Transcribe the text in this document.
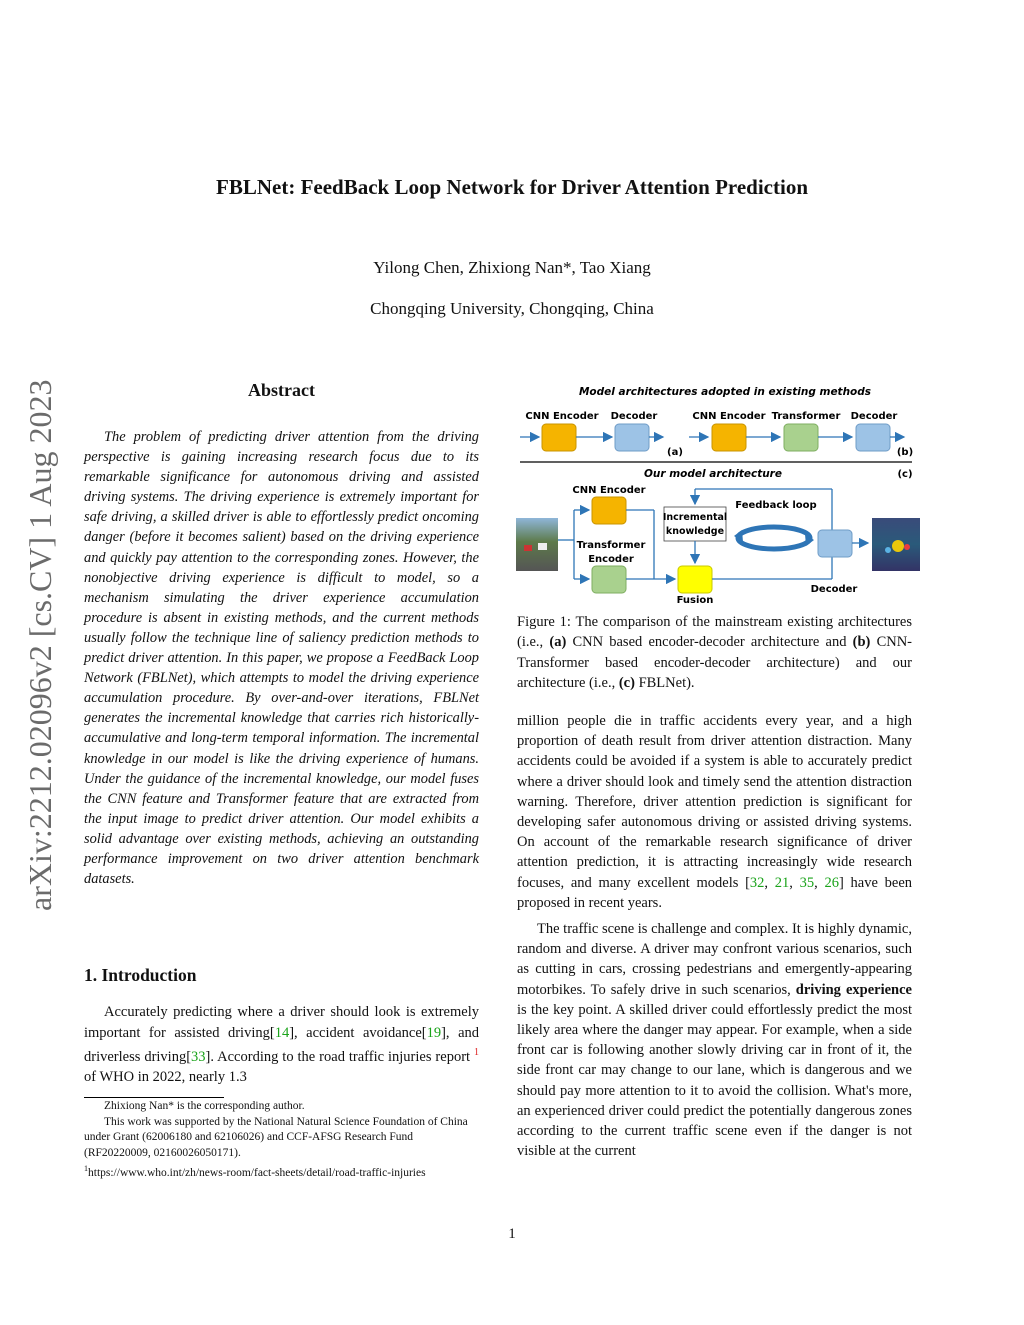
arXiv:2212.02096v2 [cs.CV] 1 Aug 2023
FBLNet: FeedBack Loop Network for Driver Attention Prediction
Yilong Chen, Zhixiong Nan*, Tao Xiang
Chongqing University, Chongqing, China
Abstract

The problem of predicting driver attention from the driving perspective is gaining increasing research focus due to its remarkable significance for autonomous driving and assisted driving systems. The driving experience is extremely important for safe driving, a skilled driver is able to effortlessly predict oncoming danger (before it becomes salient) based on the driving experience and quickly pay attention to the corresponding zones. However, the nonobjective driving experience is difficult to model, so a mechanism simulating the driver experience accumulation procedure is absent in existing methods, and the current methods usually follow the technique line of saliency prediction methods to predict driver attention. In this paper, we propose a FeedBack Loop Network (FBLNet), which attempts to model the driving experience accumulation procedure. By over-and-over iterations, FBLNet generates the incremental knowledge that carries rich historically-accumulative and long-term temporal information. The incremental knowledge in our model is like the driving experience of humans. Under the guidance of the incremental knowledge, our model fuses the CNN feature and Transformer feature that are extracted from the input image to predict driver attention. Our model exhibits a solid advantage over existing methods, achieving an outstanding performance improvement on two driver attention benchmark datasets.

1. Introduction

Accurately predicting where a driver should look is extremely important for assisted driving[14], accident avoidance[19], and driverless driving[33]. According to the road traffic injuries report $^1$ of WHO in 2022, nearly 1.3

Zhixiong Nan* is the corresponding author.

This work was supported by the National Natural Science Foundation of China under Grant (62006180 and 62106026) and CCF-AFSG Research Fund (RF20220009, 02160026050171).

$^1$https://www.who.int/zh/news-room/fact-sheets/detail/road-traffic-injuries

Model architectures adopted in existing methods
CNN Encoder Decoder
(a)
CNN Encoder Transformer Decoder
(b)
Our model architecture	(c)
CNN Encoder
Transformer
Encoder
Fusion
Incremental
knowledge
Decoder
Feedback loop

Figure 1: The comparison of the mainstream existing architectures (i.e., (a) CNN based encoder-decoder architecture and (b) CNN- Transformer based encoder-decoder architecture) and our architecture (i.e., (c) FBLNet).

million people die in traffic accidents every year, and a high proportion of death result from driver attention distraction. Many accidents could be avoided if a system is able to accurately predict where a driver should look and timely send the attention distraction warning. Therefore, driver attention prediction is significant for developing safer autonomous driving or assisted driving systems. On account of the remarkable research significance of driver attention prediction, it is attracting increasingly wide research focuses, and many excellent models [32, 21, 35, 26] have been proposed in recent years.

The traffic scene is challenge and complex. It is highly dynamic, random and diverse. A driver may confront various scenarios, such as cutting in cars, crossing pedestrians and emergently-appearing motorbikes. To safely drive in such scenarios, driving experience is the key point. A skilled driver could effortlessly predict the most likely area where the danger may appear. For example, when a side front car is following another slowly driving car in front of it, the side front car may change to our lane, which is dangerous and we should pay more attention to it to avoid the collision. What's more, an experienced driver could predict the potentially dangerous zones according to the current traffic scene even if the danger is not visible at the current

1
